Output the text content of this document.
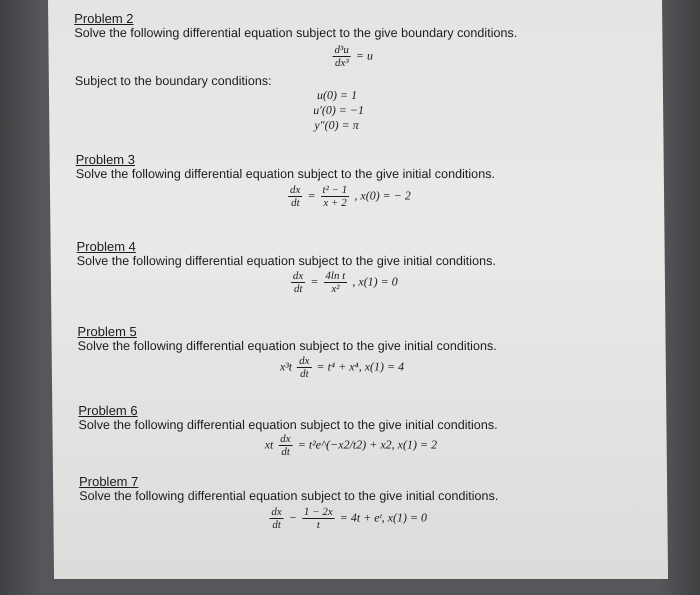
Problem 2
Solve the following differential equation subject to the give boundary conditions.
$\frac{\text{d³u}}{\text{dx³}} = u$
Subject to the boundary conditions:
u(0) = 1
u′(0) = −1
y″(0) = π
Problem 3
Solve the following differential equation subject to the give initial conditions.
$\frac{dx}{dt} = \frac{\text{t² − 1}}{x + 2}$ , x(0) = − 2
Problem 4
Solve the following differential equation subject to the give initial conditions.
$\frac{dx}{dt} = \frac{\text{4ln t}}{\text{x²}}$ , x(1) = 0
Problem 5
Solve the following differential equation subject to the give initial conditions.
$x^3t \frac{dx}{dt} = t^4 + x^4$, x(1) = 4
Problem 6
Solve the following differential equation subject to the give initial conditions.
xt $\frac{dx}{dt}$ = t²e^(−x2/t2) + x2, x(1) = 2
Problem 7
Solve the following differential equation subject to the give initial conditions.
$\frac{dx}{dt} - \frac{1 - 2x}{t} = 4t$ + eᵗ, x(1) = 0
